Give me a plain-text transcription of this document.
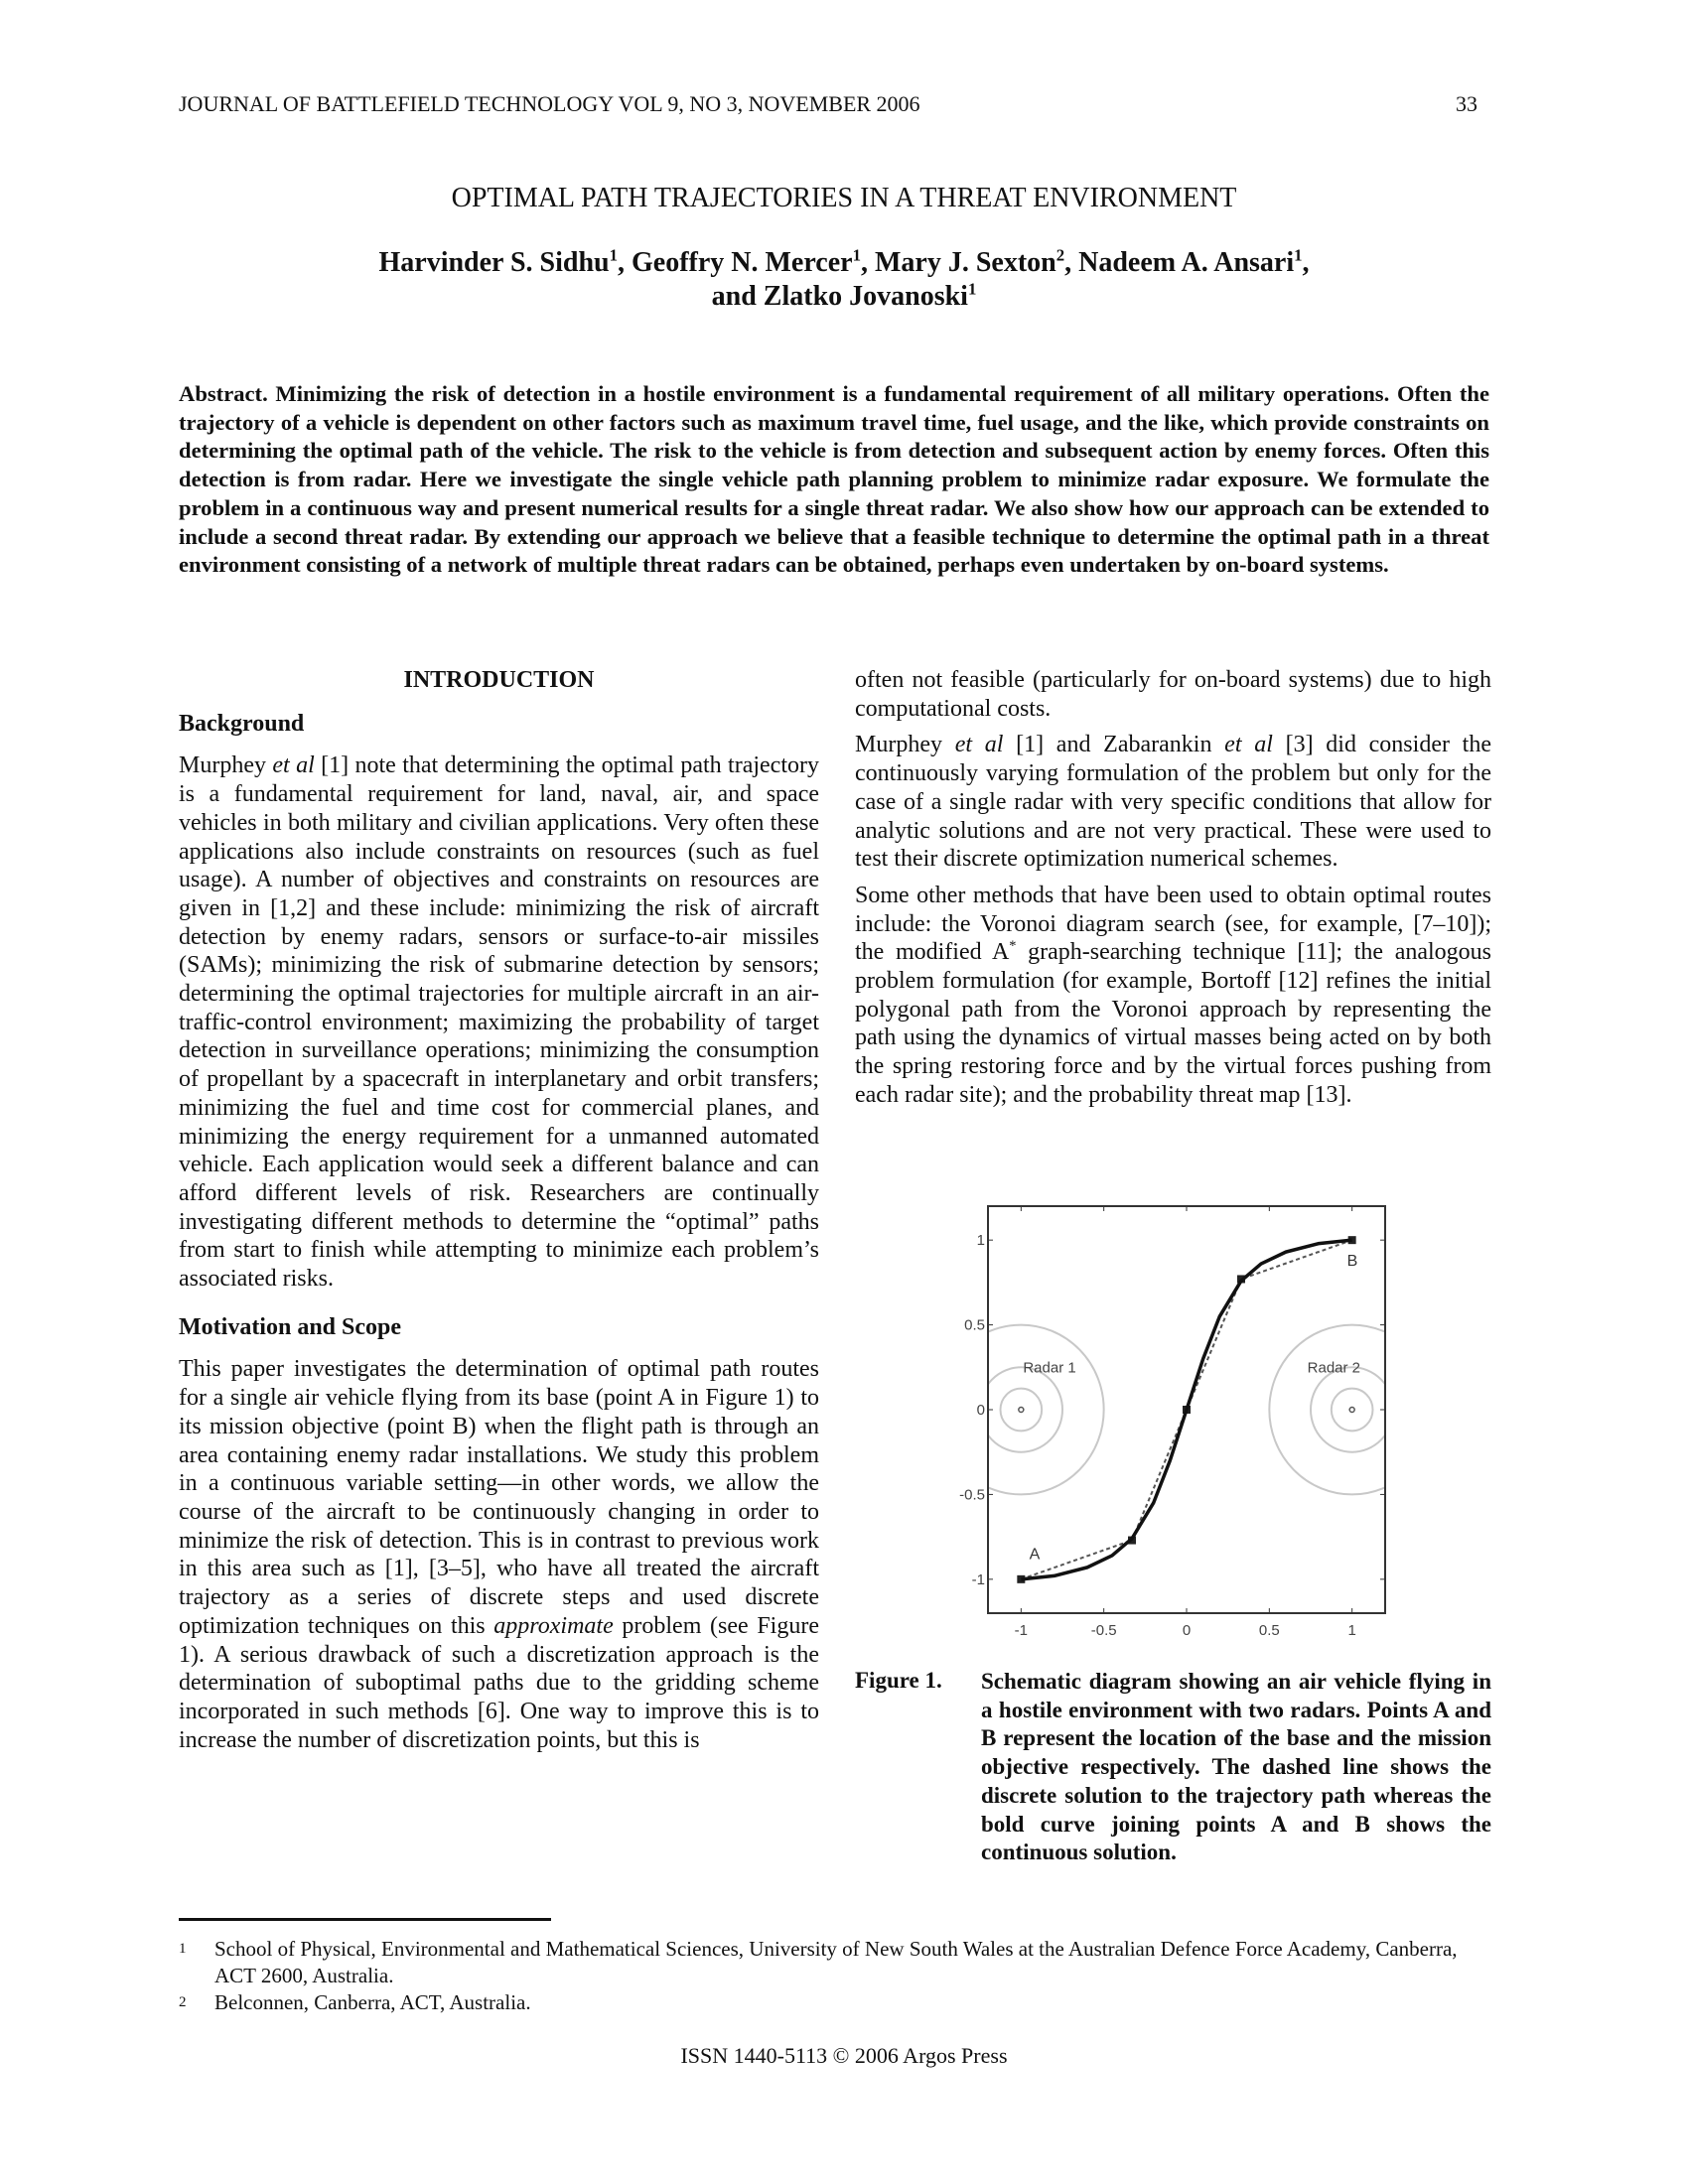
JOURNAL OF BATTLEFIELD TECHNOLOGY VOL 9, NO 3, NOVEMBER 2006	33
OPTIMAL PATH TRAJECTORIES IN A THREAT ENVIRONMENT
Harvinder S. Sidhu$^1$, Geoffry N. Mercer$^1$, Mary J. Sexton$^2$, Nadeem A. Ansari$^1$,
and Zlatko Jovanoski$^1$
Abstract. Minimizing the risk of detection in a hostile environment is a fundamental requirement of all military operations. Often the trajectory of a vehicle is dependent on other factors such as maximum travel time, fuel usage, and the like, which provide constraints on determining the optimal path of the vehicle. The risk to the vehicle is from detection and subsequent action by enemy forces. Often this detection is from radar. Here we investigate the single vehicle path planning problem to minimize radar exposure. We formulate the problem in a continuous way and present numerical results for a single threat radar. We also show how our approach can be extended to include a second threat radar. By extending our approach we believe that a feasible technique to determine the optimal path in a threat environment consisting of a network of multiple threat radars can be obtained, perhaps even undertaken by on-board systems.
INTRODUCTION
Background

Murphey et al [1] note that determining the optimal path trajectory is a fundamental requirement for land, naval, air, and space vehicles in both military and civilian applications. Very often these applications also include constraints on resources (such as fuel usage). A number of objectives and constraints on resources are given in [1,2] and these include: minimizing the risk of aircraft detection by enemy radars, sensors or surface-to-air missiles (SAMs); minimizing the risk of submarine detection by sensors; determining the optimal trajectories for multiple aircraft in an air-traffic-control environment; maximizing the probability of target detection in surveillance operations; minimizing the consumption of propellant by a spacecraft in interplanetary and orbit transfers; minimizing the fuel and time cost for commercial planes, and minimizing the energy requirement for a unmanned automated vehicle. Each application would seek a different balance and can afford different levels of risk. Researchers are continually investigating different methods to determine the “optimal” paths from start to finish while attempting to minimize each problem’s associated risks.

Motivation and Scope

This paper investigates the determination of optimal path routes for a single air vehicle flying from its base (point A in Figure 1) to its mission objective (point B) when the flight path is through an area containing enemy radar installations. We study this problem in a continuous variable setting—in other words, we allow the course of the aircraft to be continuously changing in order to minimize the risk of detection. This is in contrast to previous work in this area such as [1], [3–5], who have all treated the aircraft trajectory as a series of discrete steps and used discrete optimization techniques on this approximate problem (see Figure 1). A serious drawback of such a discretization approach is the determination of suboptimal paths due to the gridding scheme incorporated in such methods [6]. One way to improve this is to increase the number of discretization points, but this is

often not feasible (particularly for on-board systems) due to high computational costs.

Murphey et al [1] and Zabarankin et al [3] did consider the continuously varying formulation of the problem but only for the case of a single radar with very specific conditions that allow for analytic solutions and are not very practical. These were used to test their discrete optimization numerical schemes.

Some other methods that have been used to obtain optimal routes include: the Voronoi diagram search (see, for example, [7–10]); the modified A* graph-searching technique [11]; the analogous problem formulation (for example, Bortoff [12] refines the initial polygonal path from the Voronoi approach by representing the path using the dynamics of virtual masses being acted on by both the spring restoring force and by the virtual forces pushing from each radar site); and the probability threat map [13].

Radar 1	Radar 2
-1	-0.5	0	0.5	1
1
0.5
0
-0.5
-1
A
B
Figure 1. Schematic diagram showing an air vehicle flying in a hostile environment with two radars. Points A and B represent the location of the base and the mission objective respectively. The dashed line shows the discrete solution to the trajectory path whereas the bold curve joining points A and B shows the continuous solution.
1	School of Physical, Environmental and Mathematical Sciences, University of New South Wales at the Australian Defence Force Academy, Canberra, ACT 2600, Australia.
2	Belconnen, Canberra, ACT, Australia.
ISSN 1440-5113 © 2006 Argos Press
